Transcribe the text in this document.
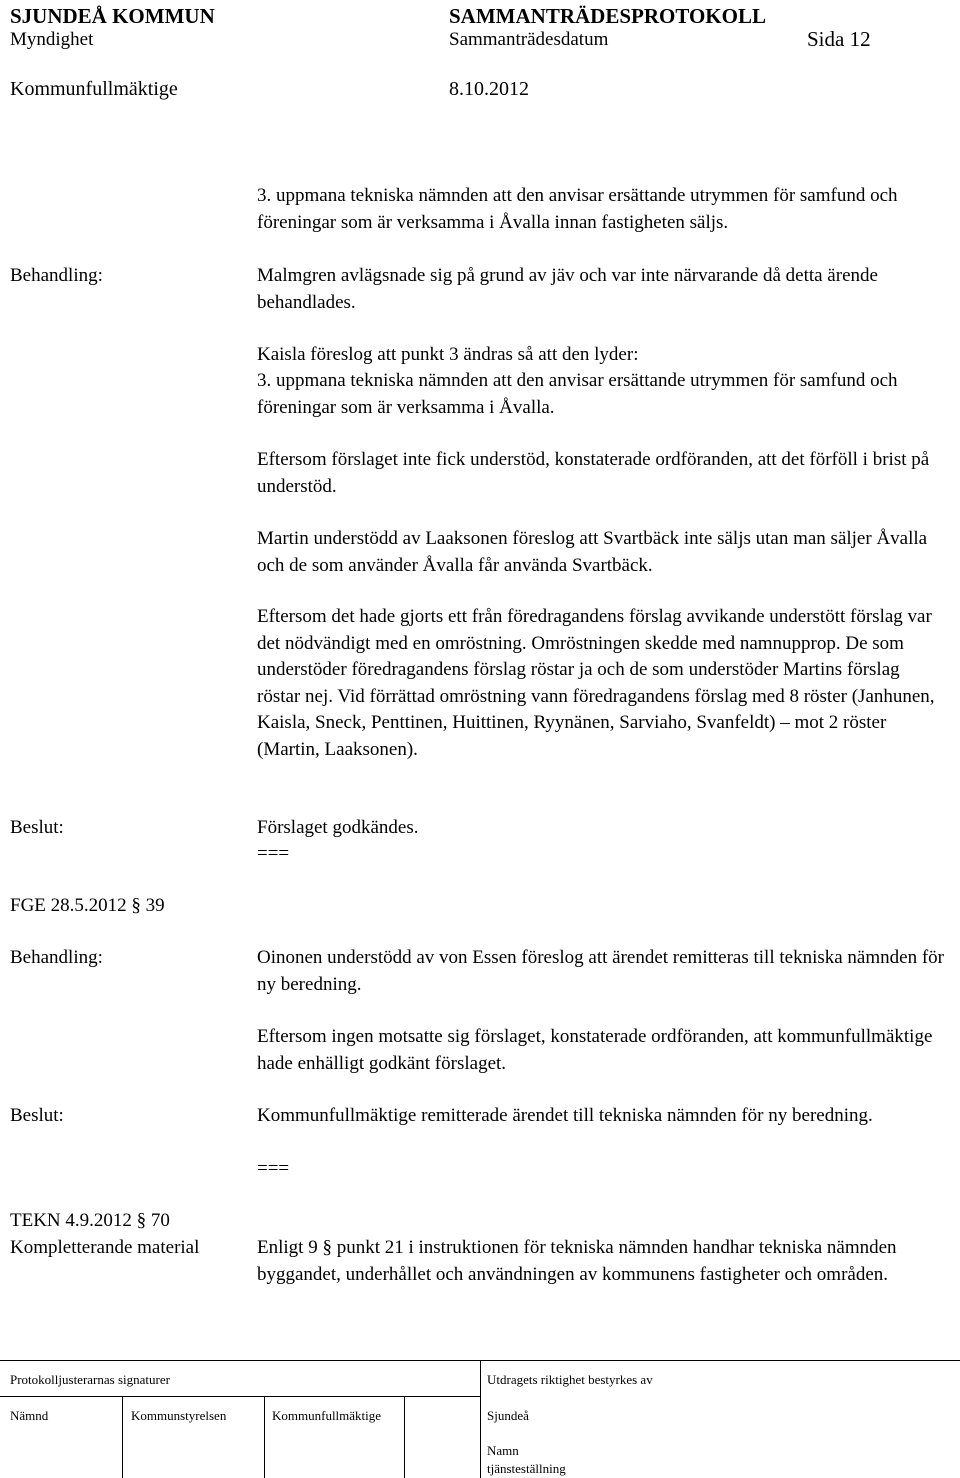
SJUNDEÅ KOMMUN	SAMMANTRÄDESPROTOKOLL
Myndighet	Sammanträdesdatum	Sida 12
Kommunfullmäktige	8.10.2012
3. uppmana tekniska nämnden att den anvisar ersättande utrymmen för samfund och föreningar som är verksamma i Åvalla innan fastigheten säljs.
Behandling:	Malmgren avlägsnade sig på grund av jäv och var inte närvarande då detta ärende behandlades.
Kaisla föreslog att punkt 3 ändras så att den lyder:
3. uppmana tekniska nämnden att den anvisar ersättande utrymmen för samfund och föreningar som är verksamma i Åvalla.
Eftersom förslaget inte fick understöd, konstaterade ordföranden, att det förföll i brist på understöd.
Martin understödd av Laaksonen föreslog att Svartbäck inte säljs utan man säljer Åvalla och de som använder Åvalla får använda Svartbäck.
Eftersom det hade gjorts ett från föredragandens förslag avvikande understött förslag var det nödvändigt med en omröstning. Omröstningen skedde med namnupprop. De som understöder föredragandens förslag röstar ja och de som understöder Martins förslag röstar nej. Vid förrättad omröstning vann föredragandens förslag med 8 röster (Janhunen, Kaisla, Sneck, Penttinen, Huittinen, Ryynänen, Sarviaho, Svanfeldt) – mot 2 röster (Martin, Laaksonen).
Beslut:	Förslaget godkändes.
===
FGE 28.5.2012 § 39
Behandling:	Oinonen understödd av von Essen föreslog att ärendet remitteras till tekniska nämnden för ny beredning.
Eftersom ingen motsatte sig förslaget, konstaterade ordföranden, att kommunfullmäktige hade enhälligt godkänt förslaget.
Beslut:	Kommunfullmäktige remitterade ärendet till tekniska nämnden för ny beredning.
===
TEKN 4.9.2012 § 70
Kompletterande material	Enligt 9 § punkt 21 i instruktionen för tekniska nämnden handhar tekniska nämnden byggandet, underhållet och användningen av kommunens fastigheter och områden.
Protokolljusterarnas signaturer	Utdragets riktighet bestyrkes av
Nämnd	Kommunstyrelsen	Kommunfullmäktige	Sjundeå
Namn
tjänsteställning
